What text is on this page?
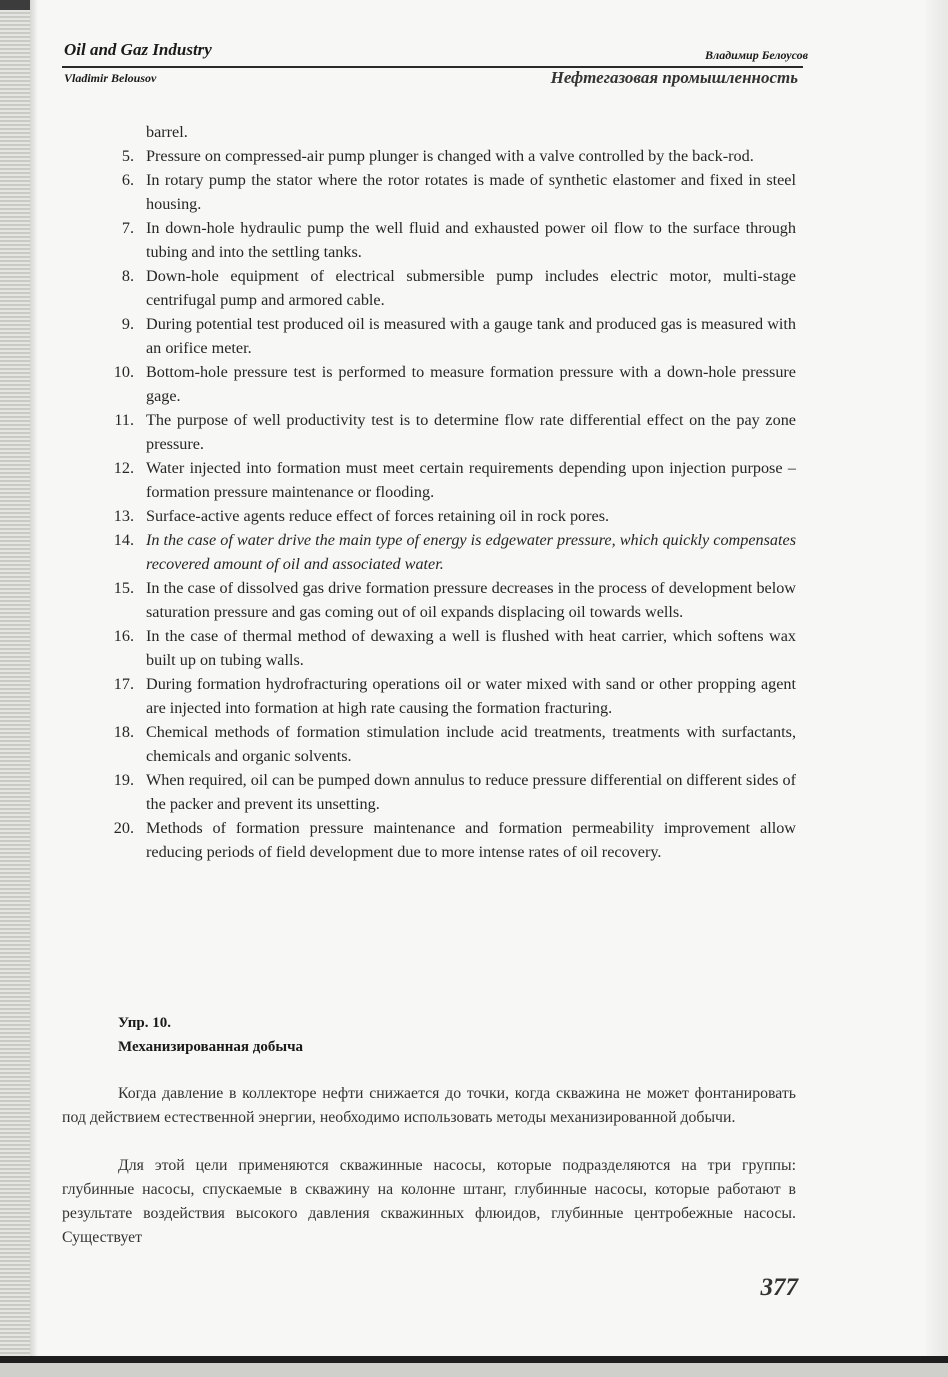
Oil and Gaz Industry	Владимир Белоусов
Vladimir Belousov	Нефтегазовая промышленность
barrel.
5. Pressure on compressed-air pump plunger is changed with a valve controlled by the back-rod.
6. In rotary pump the stator where the rotor rotates is made of synthetic elastomer and fixed in steel housing.
7. In down-hole hydraulic pump the well fluid and exhausted power oil flow to the surface through tubing and into the settling tanks.
8. Down-hole equipment of electrical submersible pump includes electric motor, multi-stage centrifugal pump and armored cable.
9. During potential test produced oil is measured with a gauge tank and produced gas is measured with an orifice meter.
10. Bottom-hole pressure test is performed to measure formation pressure with a down-hole pressure gage.
11. The purpose of well productivity test is to determine flow rate differential effect on the pay zone pressure.
12. Water injected into formation must meet certain requirements depending upon injection purpose – formation pressure maintenance or flooding.
13. Surface-active agents reduce effect of forces retaining oil in rock pores.
14. In the case of water drive the main type of energy is edgewater pressure, which quickly compensates recovered amount of oil and associated water.
15. In the case of dissolved gas drive formation pressure decreases in the process of development below saturation pressure and gas coming out of oil expands displacing oil towards wells.
16. In the case of thermal method of dewaxing a well is flushed with heat carrier, which softens wax built up on tubing walls.
17. During formation hydrofracturing operations oil or water mixed with sand or other propping agent are injected into formation at high rate causing the formation fracturing.
18. Chemical methods of formation stimulation include acid treatments, treatments with surfactants, chemicals and organic solvents.
19. When required, oil can be pumped down annulus to reduce pressure differential on different sides of the packer and prevent its unsetting.
20. Methods of formation pressure maintenance and formation permeability improvement allow reducing periods of field development due to more intense rates of oil recovery.
Упр. 10.
Механизированная добыча
Когда давление в коллекторе нефти снижается до точки, когда скважина не может фонтанировать под действием естественной энергии, необходимо использовать методы механизированной добычи.
Для этой цели применяются скважинные насосы, которые подразделяются на три группы: глубинные насосы, спускаемые в скважину на колонне штанг, глубинные насосы, которые работают в результате воздействия высокого давления скважинных флюидов, глубинные центробежные насосы. Существует
377
